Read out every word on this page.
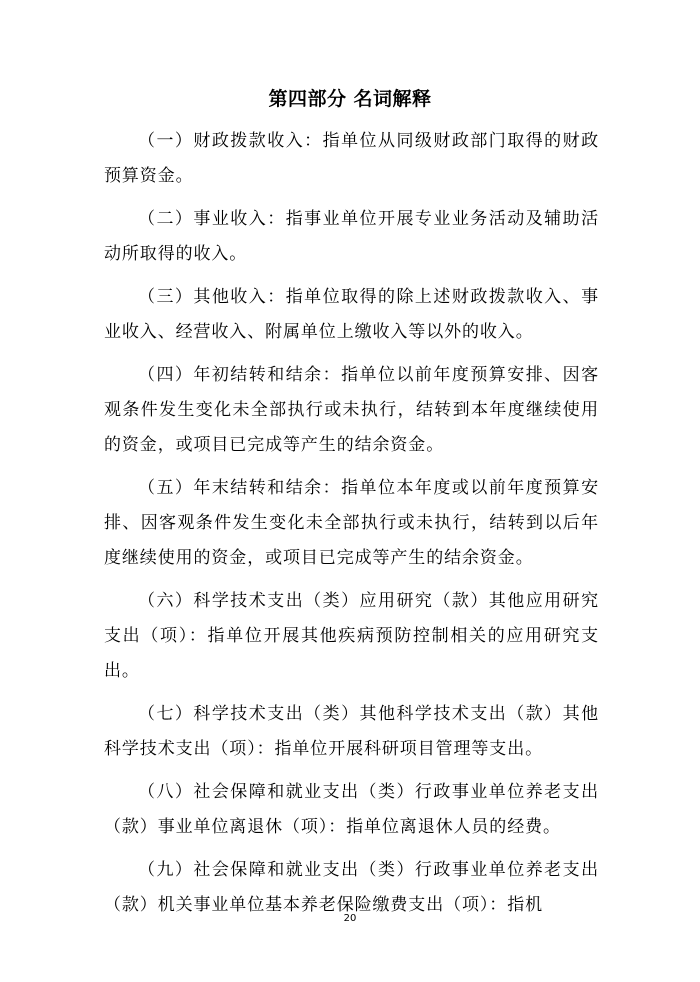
第四部分 名词解释

（一）财政拨款收入：指单位从同级财政部门取得的财政预算资金。

（二）事业收入：指事业单位开展专业业务活动及辅助活动所取得的收入。

（三）其他收入：指单位取得的除上述财政拨款收入、事业收入、经营收入、附属单位上缴收入等以外的收入。

（四）年初结转和结余：指单位以前年度预算安排、因客观条件发生变化未全部执行或未执行，结转到本年度继续使用的资金，或项目已完成等产生的结余资金。

（五）年末结转和结余：指单位本年度或以前年度预算安排、因客观条件发生变化未全部执行或未执行，结转到以后年度继续使用的资金，或项目已完成等产生的结余资金。

（六）科学技术支出（类）应用研究（款）其他应用研究支出（项）：指单位开展其他疾病预防控制相关的应用研究支出。

（七）科学技术支出（类）其他科学技术支出（款）其他科学技术支出（项）：指单位开展科研项目管理等支出。

（八）社会保障和就业支出（类）行政事业单位养老支出（款）事业单位离退休（项）：指单位离退休人员的经费。

（九）社会保障和就业支出（类）行政事业单位养老支出（款）机关事业单位基本养老保险缴费支出（项）：指机

20
